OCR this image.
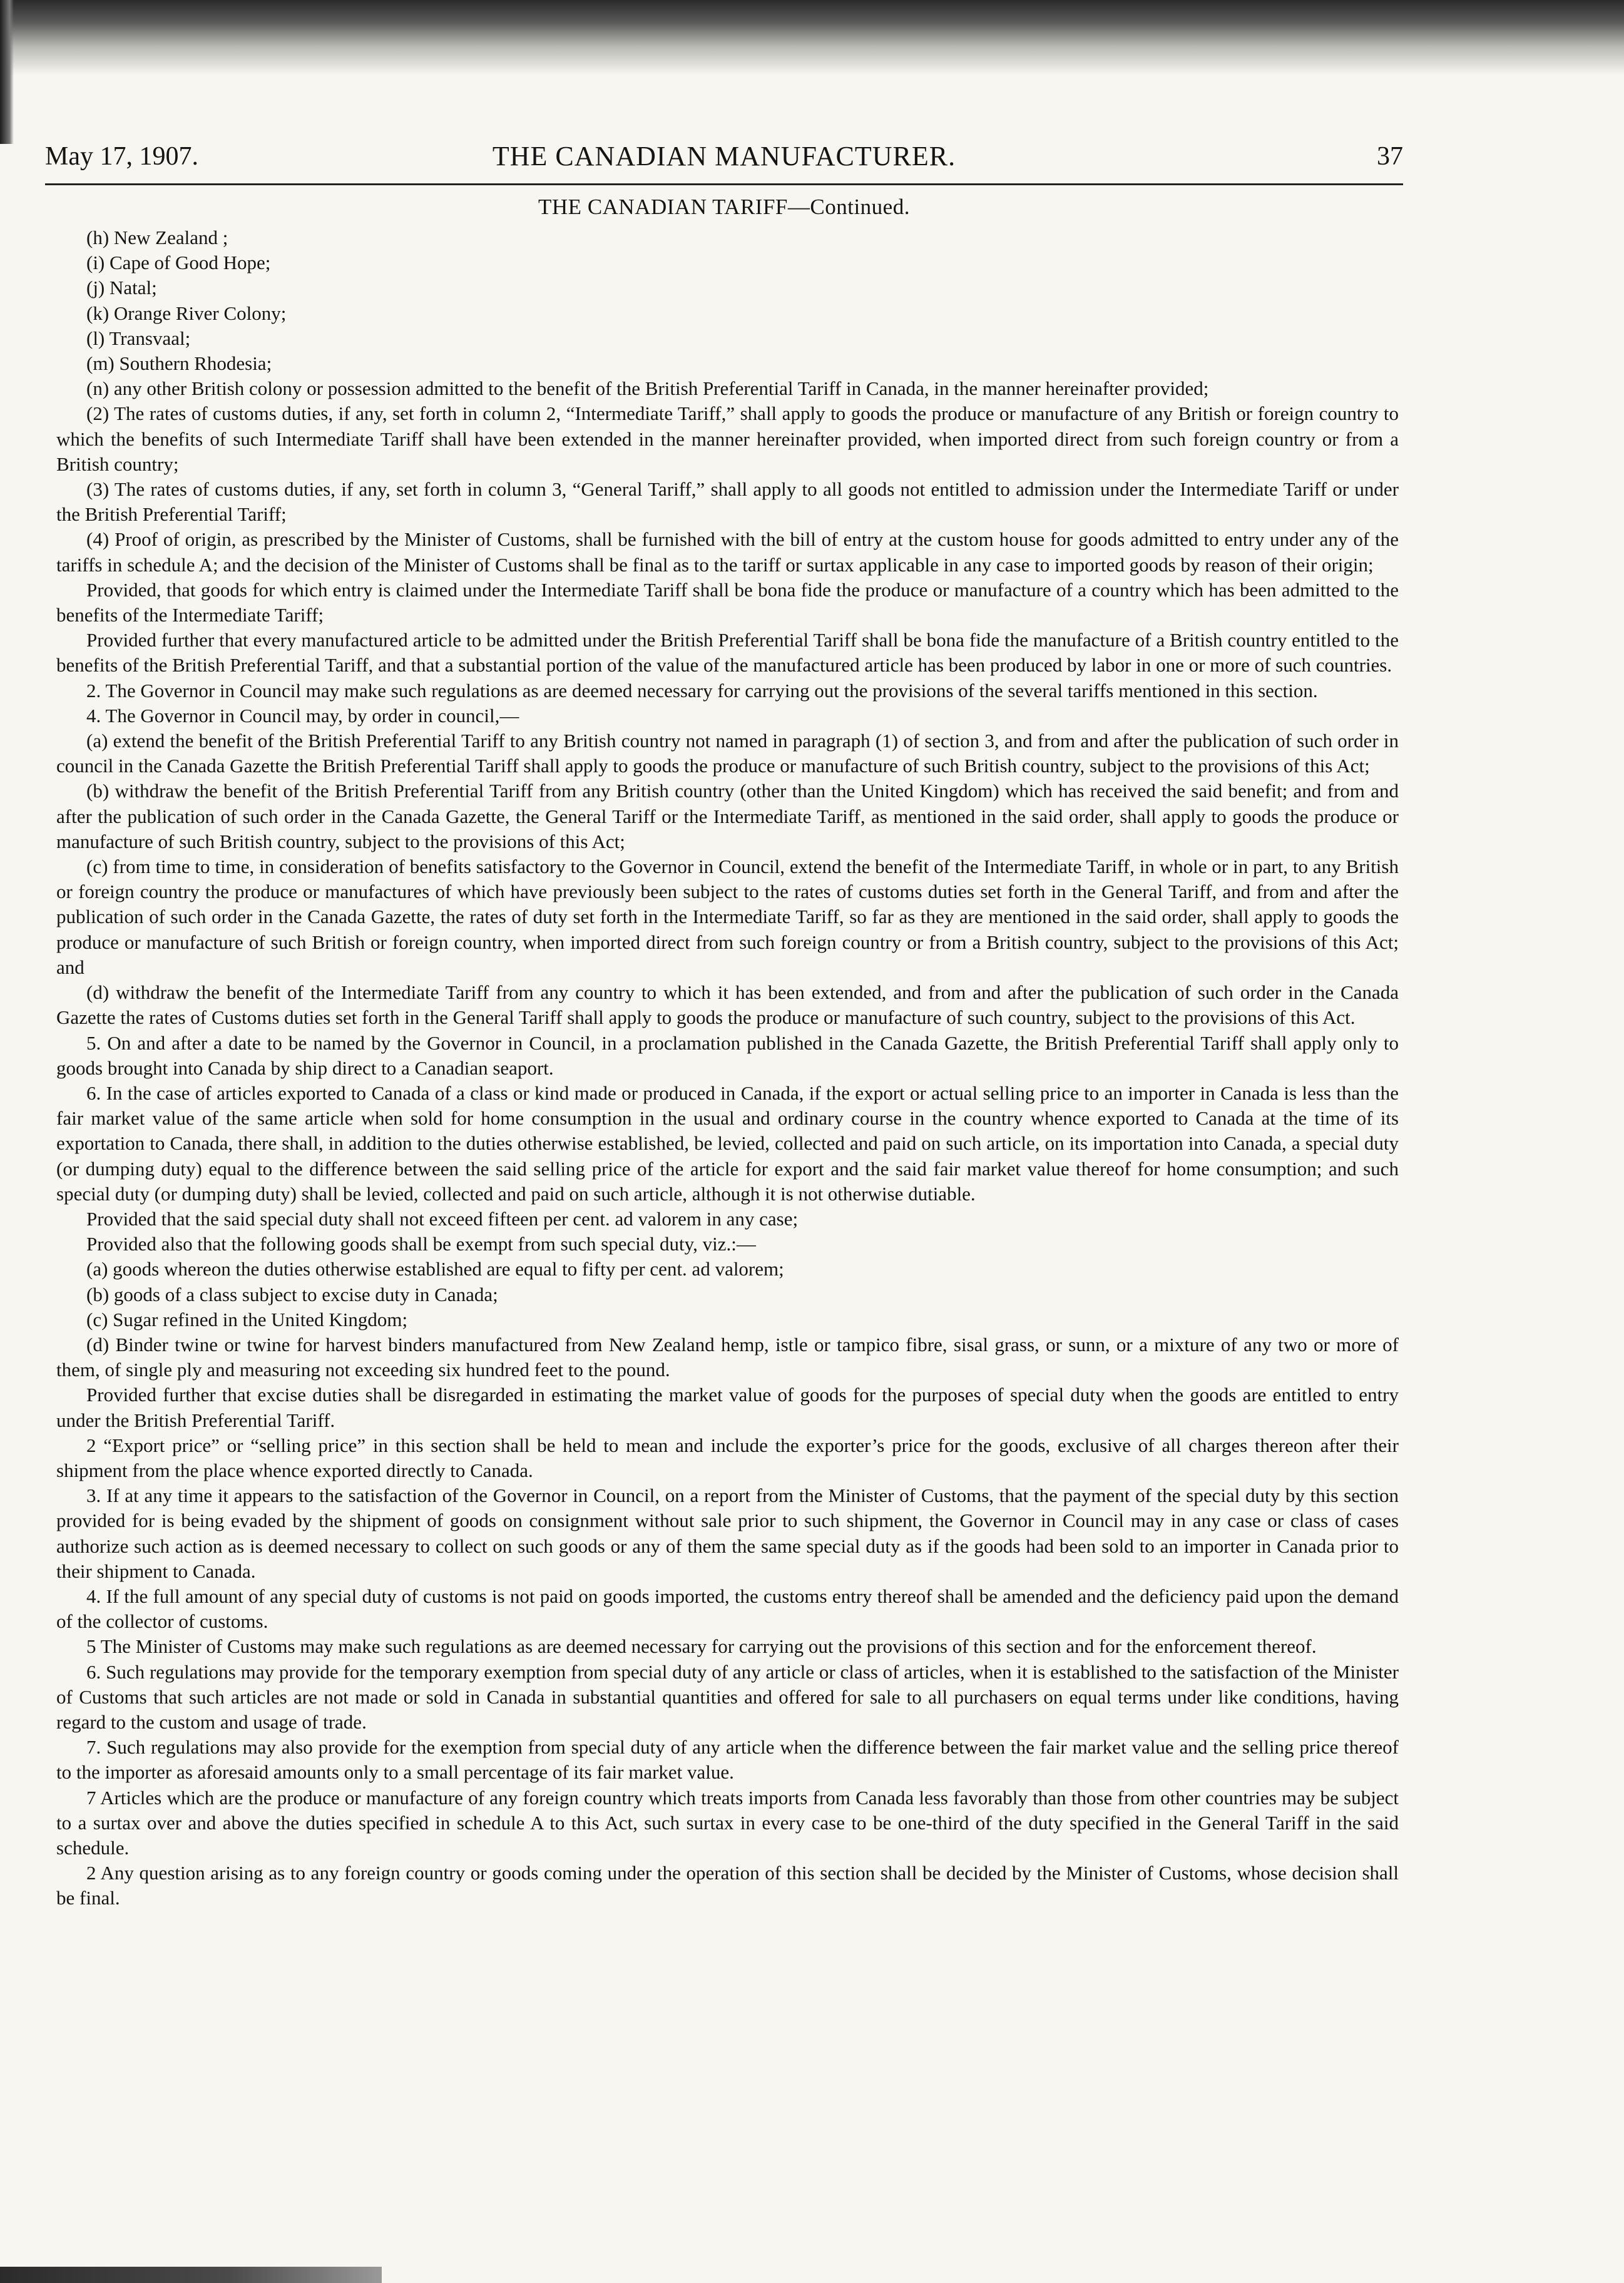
May 17, 1907.	THE CANADIAN MANUFACTURER.	37
THE CANADIAN TARIFF—Continued.

(h) New Zealand ;

(i) Cape of Good Hope;

(j) Natal;

(k) Orange River Colony;

(l) Transvaal;

(m) Southern Rhodesia;

(n) any other British colony or possession admitted to the benefit of the British Preferential Tariff in Canada, in the manner hereinafter provided;

(2) The rates of customs duties, if any, set forth in column 2, “Intermediate Tariff,” shall apply to goods the produce or manufacture of any British or foreign country to which the benefits of such Intermediate Tariff shall have been extended in the manner hereinafter provided, when imported direct from such foreign country or from a British country;

(3) The rates of customs duties, if any, set forth in column 3, “General Tariff,” shall apply to all goods not entitled to admission under the Intermediate Tariff or under the British Preferential Tariff;

(4) Proof of origin, as prescribed by the Minister of Customs, shall be furnished with the bill of entry at the custom house for goods admitted to entry under any of the tariffs in schedule A; and the decision of the Minister of Customs shall be final as to the tariff or surtax applicable in any case to imported goods by reason of their origin;

Provided, that goods for which entry is claimed under the Intermediate Tariff shall be bona fide the produce or manufacture of a country which has been admitted to the benefits of the Intermediate Tariff;

Provided further that every manufactured article to be admitted under the British Preferential Tariff shall be bona fide the manufacture of a British country entitled to the benefits of the British Preferential Tariff, and that a substantial portion of the value of the manufactured article has been produced by labor in one or more of such countries.

2. The Governor in Council may make such regulations as are deemed necessary for carrying out the provisions of the several tariffs mentioned in this section.

4. The Governor in Council may, by order in council,—

(a) extend the benefit of the British Preferential Tariff to any British country not named in paragraph (1) of section 3, and from and after the publication of such order in council in the Canada Gazette the British Preferential Tariff shall apply to goods the produce or manufacture of such British country, subject to the provisions of this Act;

(b) withdraw the benefit of the British Preferential Tariff from any British country (other than the United Kingdom) which has received the said benefit; and from and after the publication of such order in the Canada Gazette, the General Tariff or the Intermediate Tariff, as mentioned in the said order, shall apply to goods the produce or manufacture of such British country, subject to the provisions of this Act;

(c) from time to time, in consideration of benefits satisfactory to the Governor in Council, extend the benefit of the Intermediate Tariff, in whole or in part, to any British or foreign country the produce or manufactures of which have previously been subject to the rates of customs duties set forth in the General Tariff, and from and after the publication of such order in the Canada Gazette, the rates of duty set forth in the Intermediate Tariff, so far as they are mentioned in the said order, shall apply to goods the produce or manufacture of such British or foreign country, when imported direct from such foreign country or from a British country, subject to the provisions of this Act; and

(d) withdraw the benefit of the Intermediate Tariff from any country to which it has been extended, and from and after the publication of such order in the Canada Gazette the rates of Customs duties set forth in the General Tariff shall apply to goods the produce or manufacture of such country, subject to the provisions of this Act.

5. On and after a date to be named by the Governor in Council, in a proclamation published in the Canada Gazette, the British Preferential Tariff shall apply only to goods brought into Canada by ship direct to a Canadian seaport.

6. In the case of articles exported to Canada of a class or kind made or produced in Canada, if the export or actual selling price to an importer in Canada is less than the fair market value of the same article when sold for home consumption in the usual and ordinary course in the country whence exported to Canada at the time of its exportation to Canada, there shall, in addition to the duties otherwise established, be levied, collected and paid on such article, on its importation into Canada, a special duty (or dumping duty) equal to the difference between the said selling price of the article for export and the said fair market value thereof for home consumption; and such special duty (or dumping duty) shall be levied, collected and paid on such article, although it is not otherwise dutiable.

Provided that the said special duty shall not exceed fifteen per cent. ad valorem in any case;

Provided also that the following goods shall be exempt from such special duty, viz.:—

(a) goods whereon the duties otherwise established are equal to fifty per cent. ad valorem;

(b) goods of a class subject to excise duty in Canada;

(c) Sugar refined in the United Kingdom;

(d) Binder twine or twine for harvest binders manufactured from New Zealand hemp, istle or tampico fibre, sisal grass, or sunn, or a mixture of any two or more of them, of single ply and measuring not exceeding six hundred feet to the pound.

Provided further that excise duties shall be disregarded in estimating the market value of goods for the purposes of special duty when the goods are entitled to entry under the British Preferential Tariff.

2 “Export price” or “selling price” in this section shall be held to mean and include the exporter’s price for the goods, exclusive of all charges thereon after their shipment from the place whence exported directly to Canada.

3. If at any time it appears to the satisfaction of the Governor in Council, on a report from the Minister of Customs, that the payment of the special duty by this section provided for is being evaded by the shipment of goods on consignment without sale prior to such shipment, the Governor in Council may in any case or class of cases authorize such action as is deemed necessary to collect on such goods or any of them the same special duty as if the goods had been sold to an importer in Canada prior to their shipment to Canada.

4. If the full amount of any special duty of customs is not paid on goods imported, the customs entry thereof shall be amended and the deficiency paid upon the demand of the collector of customs.

5 The Minister of Customs may make such regulations as are deemed necessary for carrying out the provisions of this section and for the enforcement thereof.

6. Such regulations may provide for the temporary exemption from special duty of any article or class of articles, when it is established to the satisfaction of the Minister of Customs that such articles are not made or sold in Canada in substantial quantities and offered for sale to all purchasers on equal terms under like conditions, having regard to the custom and usage of trade.

7. Such regulations may also provide for the exemption from special duty of any article when the difference between the fair market value and the selling price thereof to the importer as aforesaid amounts only to a small percentage of its fair market value.

7 Articles which are the produce or manufacture of any foreign country which treats imports from Canada less favorably than those from other countries may be subject to a surtax over and above the duties specified in schedule A to this Act, such surtax in every case to be one-third of the duty specified in the General Tariff in the said schedule.

2 Any question arising as to any foreign country or goods coming under the operation of this section shall be decided by the Minister of Customs, whose decision shall be final.
